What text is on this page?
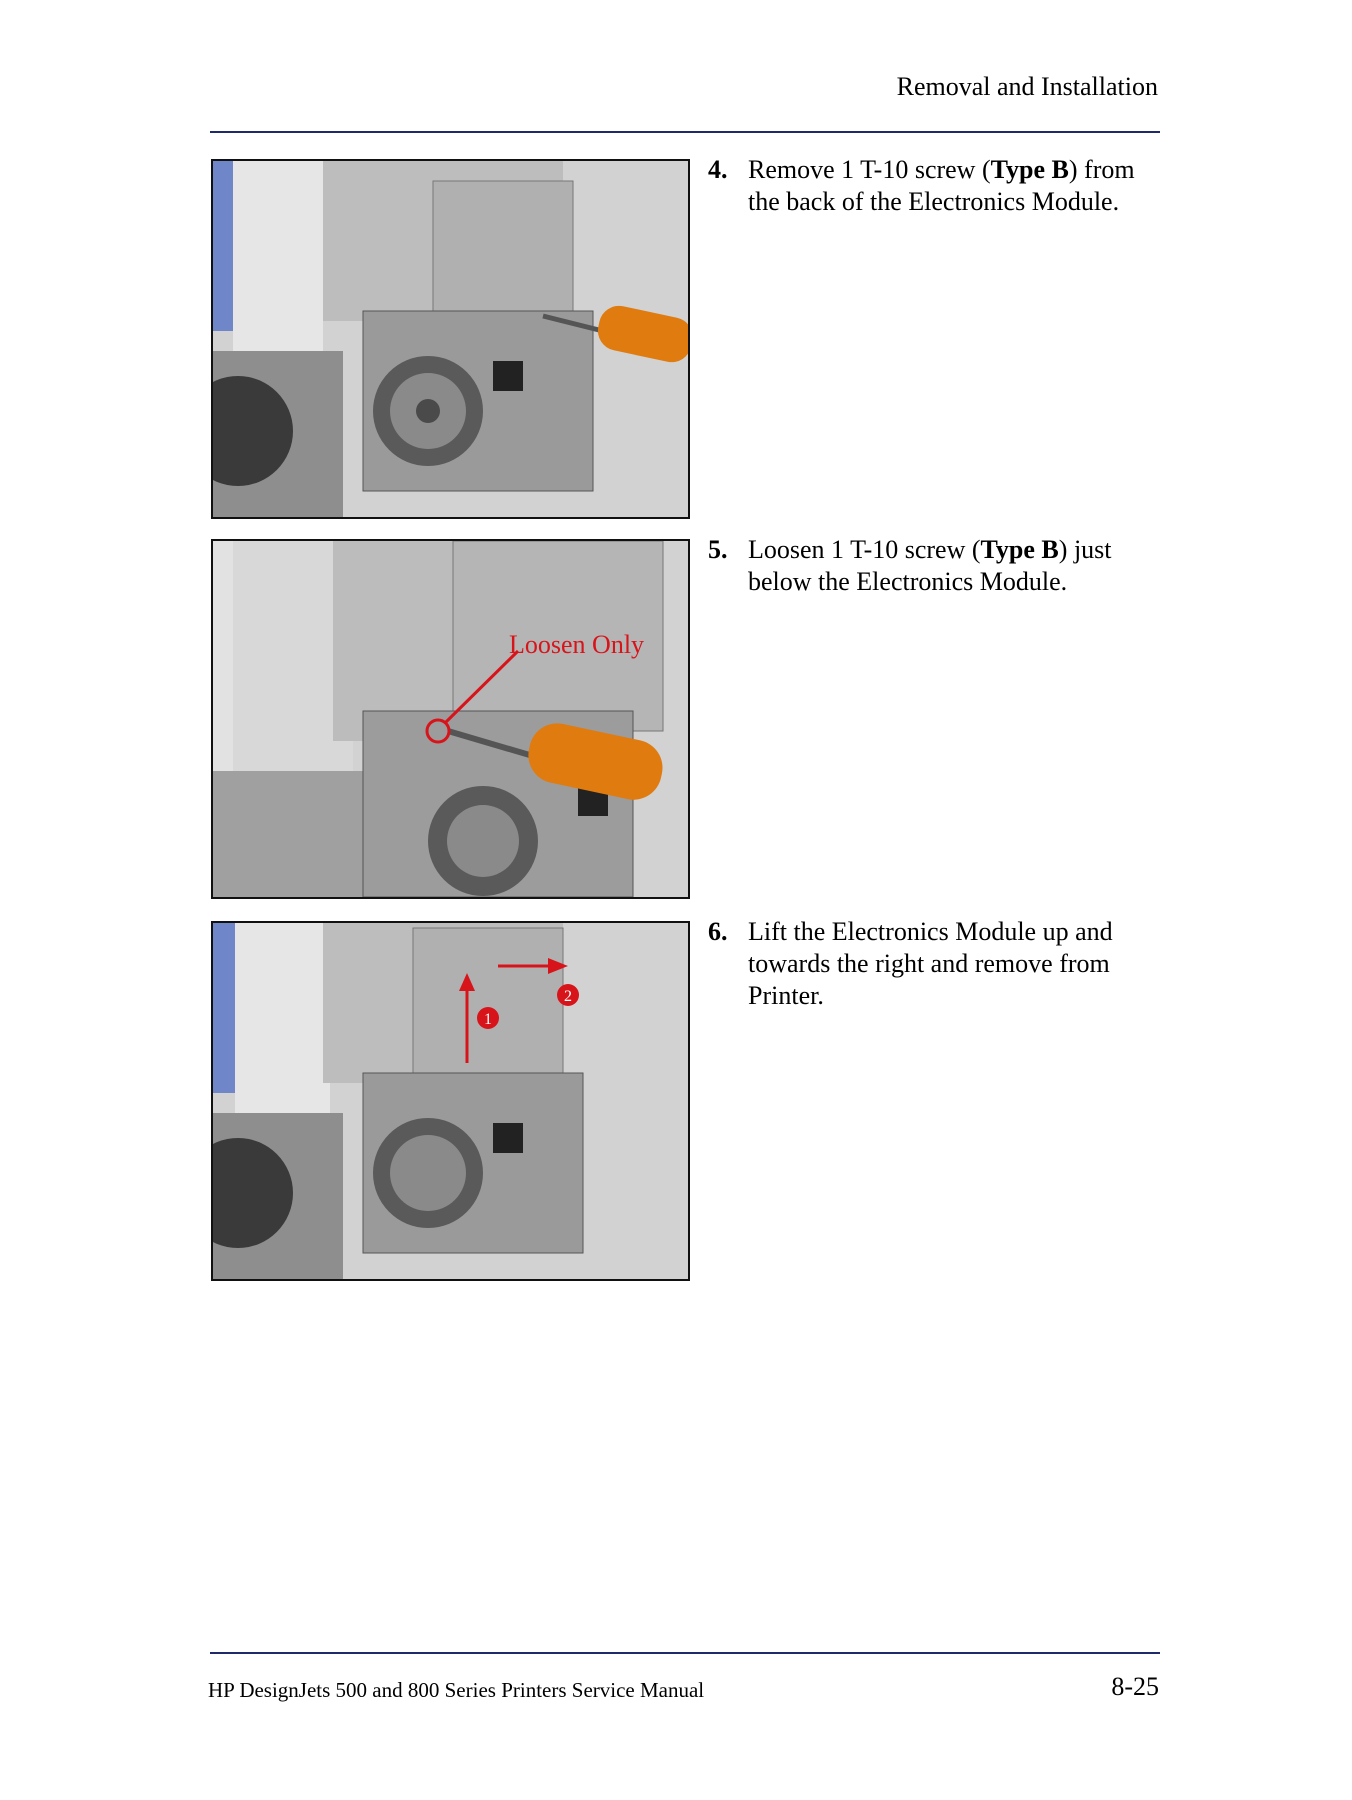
Removal and Installation
Loosen Only
1
2
4. Remove 1 T-10 screw (Type B) from the back of the Electronics Module.
5. Loosen 1 T-10 screw (Type B) just below the Electronics Module.
6. Lift the Electronics Module up and towards the right and remove from Printer.
HP DesignJets 500 and 800 Series Printers Service Manual	8-25
